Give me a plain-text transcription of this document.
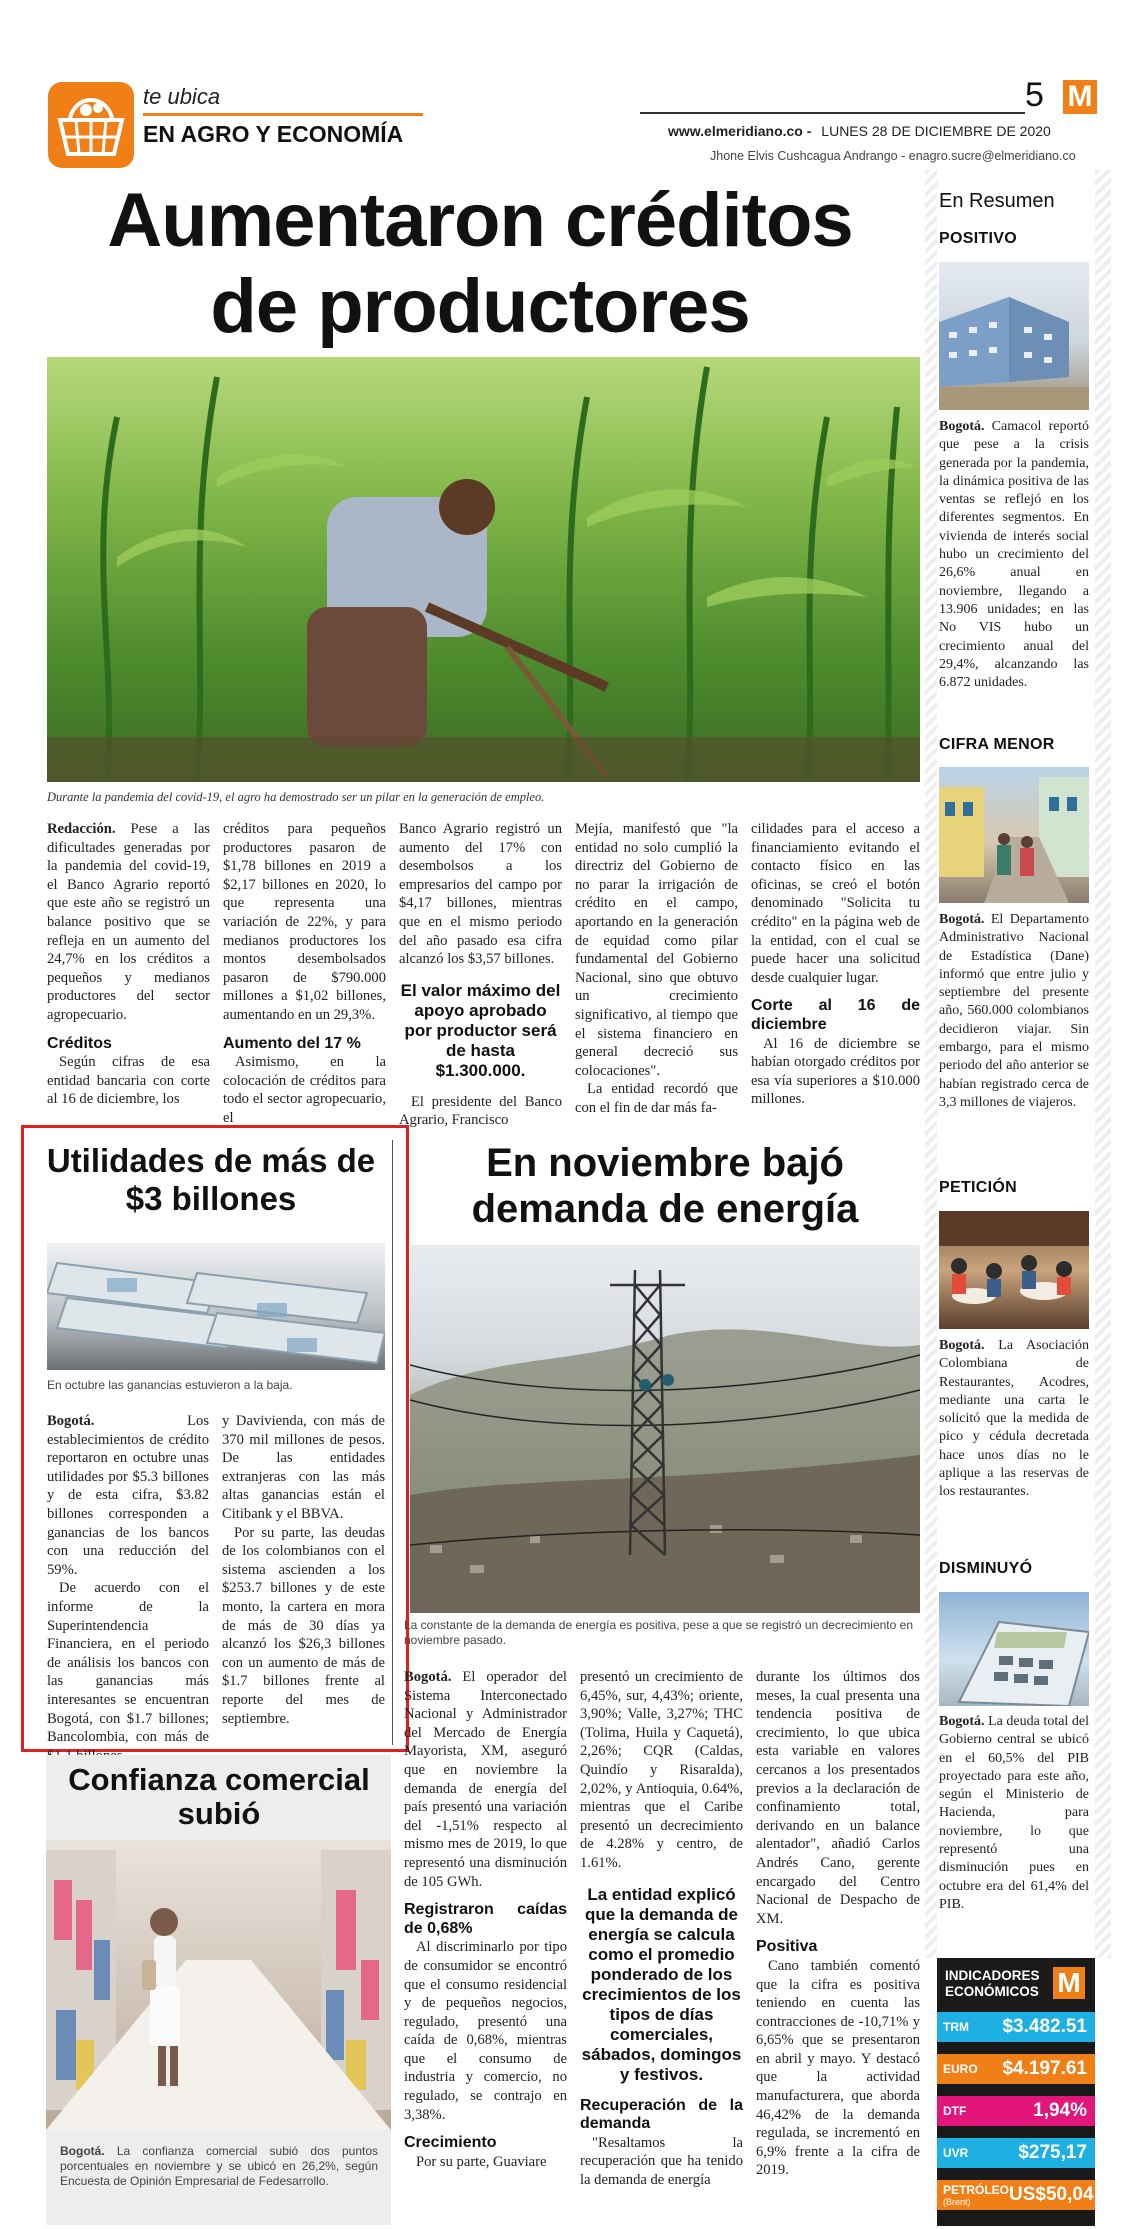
te ubica
EN AGRO Y ECONOMÍA
5 M
www.elmeridiano.co - LUNES 28 DE DICIEMBRE DE 2020
Jhone Elvis Cushcagua Andrango - enagro.sucre@elmeridiano.co
Aumentaron créditos
de productores
Durante la pandemia del covid-19, el agro ha demostrado ser un pilar en la generación de empleo.

Redacción. Pese a las dificultades generadas por la pandemia del covid-19, el Banco Agrario reportó que este año se registró un balance positivo que se refleja en un aumento del 24,7% en los créditos a pequeños y medianos productores del sector agropecuario.

Créditos

Según cifras de esa entidad bancaria con corte al 16 de diciembre, los

créditos para pequeños productores pasaron de $1,78 billones en 2019 a $2,17 billones en 2020, lo que representa una variación de 22%, y para medianos productores los montos desembolsados pasaron de $790.000 millones a $1,02 billones, aumentando en un 29,3%.

Aumento del 17 %

Asimismo, en la colocación de créditos para todo el sector agropecuario, el

Banco Agrario registró un aumento del 17% con desembolsos a los empresarios del campo por $4,17 billones, mientras que en el mismo periodo del año pasado esa cifra alcanzó los $3,57 billones.

El valor máximo del apoyo aprobado por productor será de hasta $1.300.000.

El presidente del Banco Agrario, Francisco

Mejía, manifestó que "la entidad no solo cumplió la directriz del Gobierno de no parar la irrigación de crédito en el campo, aportando en la generación de equidad como pilar fundamental del Gobierno Nacional, sino que obtuvo un crecimiento significativo, al tiempo que el sistema financiero en general decreció sus colocaciones".

La entidad recordó que con el fin de dar más fa-

cilidades para el acceso a financiamiento evitando el contacto físico en las oficinas, se creó el botón denominado "Solicita tu crédito" en la página web de la entidad, con el cual se puede hacer una solicitud desde cualquier lugar.

Corte al 16 de diciembre

Al 16 de diciembre se habían otorgado créditos por esa vía superiores a $10.000 millones.

Utilidades de más de $3 billones
En octubre las ganancias estuvieron a la baja.

Bogotá.	Los establecimientos de crédito reportaron en octubre unas utilidades por $5.3 billones y de esta cifra, $3.82 billones corresponden a ganancias de los bancos con una reducción del 59%.

De acuerdo con el informe de la Superintendencia Financiera, en el periodo de análisis los bancos con las ganancias más interesantes se encuentran Bogotá, con $1.7 billones; Bancolombia, con más de

y Davivienda, con más de 370 mil millones de pesos. De las entidades extranjeras con las más altas ganancias están el Citibank y el BBVA.

Por su parte, las deudas de los colombianos con el sistema ascienden a los $253.7 billones y de este monto, la cartera en mora de más de 30 días ya alcanzó los $26,3 billones con un aumento de más de $1.7 billones frente al reporte del mes de septiembre.

Confianza comercial subió
Bogotá. La confianza comercial subió dos puntos porcentuales en noviembre y se ubicó en 26,2%, según Encuesta de Opinión Empresarial de Fedesarrollo.
En noviembre bajó
demanda de energía
La constante de la demanda de energía es positiva, pese a que se registró un decrecimiento en noviembre pasado.

Bogotá. El operador del Sistema Interconectado Nacional y Administrador del Mercado de Energía Mayorista, XM, aseguró que en noviembre la demanda de energía del país presentó una variación del -1,51% respecto al mismo mes de 2019, lo que representó una disminución de 105 GWh.

Registraron caídas de 0,68%

Al discriminarlo por tipo de consumidor se encontró que el consumo residencial y de pequeños negocios, regulado, presentó una caída de 0,68%, mientras que el consumo de industria y comercio, no regulado, se contrajo en 3,38%.

Crecimiento

Por su parte, Guaviare

presentó un crecimiento de 6,45%, sur, 4,43%; oriente, 3,90%; Valle, 3,27%; THC (Tolima, Huila y Caquetá), 2,26%; CQR (Caldas, Quindío y Risaralda), 2,02%, y Antioquia, 0.64%, mientras que el Caribe presentó un decrecimiento de 4.28% y centro, de 1.61%.

La entidad explicó que la demanda de energía se calcula como el promedio ponderado de los crecimientos de los tipos de días comerciales, sábados, domingos y festivos.
Recuperación de la demanda

"Resaltamos la recuperación que ha tenido la demanda de energía

durante los últimos dos meses, la cual presenta una tendencia positiva de crecimiento, lo que ubica esta variable en valores cercanos a los presentados previos a la declaración de confinamiento total, derivando en un balance alentador", añadió Carlos Andrés Cano, gerente encargado del Centro Nacional de Despacho de XM.

Positiva

Cano también comentó que la cifra es positiva teniendo en cuenta las contracciones de -10,71% y 6,65% que se presentaron en abril y mayo. Y destacó que la actividad manufacturera, que aborda 46,42% de la demanda regulada, se incrementó en 6,9% frente a la cifra de 2019.

En Resumen
POSITIVO
Bogotá. Camacol reportó que pese a la crisis generada por la pandemia, la dinámica positiva de las ventas se reflejó en los diferentes segmentos. En vivienda de interés social hubo un crecimiento del 26,6% anual en noviembre, llegando a 13.906 unidades; en las No VIS hubo un crecimiento anual del 29,4%, alcanzando las 6.872 unidades.
CIFRA MENOR
Bogotá. El Departamento Administrativo Nacional de Estadística (Dane) informó que entre julio y septiembre del presente año, 560.000 colombianos decidieron viajar. Sin embargo, para el mismo periodo del año anterior se habían registrado cerca de 3,3 millones de viajeros.
PETICIÓN
Bogotá. La Asociación Colombiana de Restaurantes, Acodres, mediante una carta le solicitó que la medida de pico y cédula decretada hace unos días no le aplique a las reservas de los restaurantes.
DISMINUYÓ
Bogotá. La deuda total del Gobierno central se ubicó en el 60,5% del PIB proyectado para este año, según el Ministerio de Hacienda, para noviembre, lo que representó una disminución pues en octubre era del 61,4% del PIB.
INDICADORES
ECONÓMICOS M
TRM $3.482.51
EURO $4.197.61
DTF	1,94%
UVR	$275,17
PETRÓLEO
(Brent)	US$50,04
